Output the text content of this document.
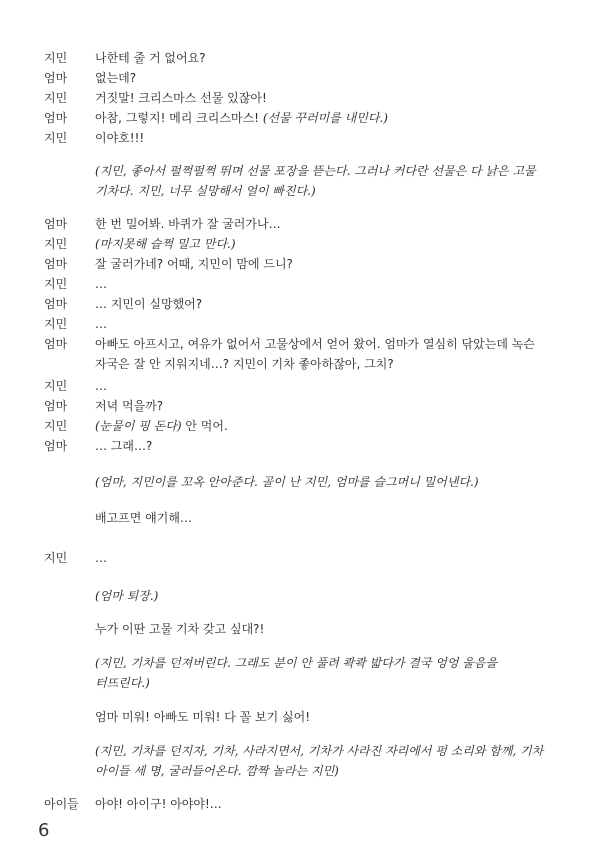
지민 나한테 줄 거 없어요?
엄마 없는데?
지민 거짓말! 크리스마스 선물 있잖아!
엄마 아참, 그렇지! 메리 크리스마스! (선물 꾸러미를 내민다.)
지민 이야호!!!
(지민, 좋아서 펄쩍펄쩍 뛰며 선물 포장을 뜯는다. 그러나 커다란 선물은 다 낡은 고물
기차다. 지민, 너무 실망해서 얼이 빠진다.)
엄마 한 번 밀어봐. 바퀴가 잘 굴러가나…
지민 (마지못해 슬쩍 밀고 만다.)
엄마 잘 굴러가네? 어때, 지민이 맘에 드니?
지민 …
엄마 … 지민이 실망했어?
지민 …
엄마 아빠도 아프시고, 여유가 없어서 고물상에서 얻어 왔어. 엄마가 열심히 닦았는데 녹슨
자국은 잘 안 지워지네…? 지민이 기차 좋아하잖아, 그치?
지민 …
엄마 저녁 먹을까?
지민 (눈물이 핑 돈다) 안 먹어.
엄마 … 그래…?
(엄마, 지민이를 꼬옥 안아준다. 골이 난 지민, 엄마를 슬그머니 밀어낸다.)
배고프면 얘기해…
지민 …
(엄마 퇴장.)
누가 이딴 고물 기차 갖고 싶대?!
(지민, 기차를 던져버린다. 그래도 분이 안 풀려 콱콱 밟다가 결국 엉엉 울음을
터뜨린다.)
엄마 미워! 아빠도 미워! 다 꼴 보기 싫어!
(지민, 기차를 던지자, 기차, 사라지면서, 기차가 사라진 자리에서 펑 소리와 함께, 기차
아이들 세 명, 굴러들어온다. 깜짝 놀라는 지민)
아이들 아야! 아이구! 아야야!…
6
